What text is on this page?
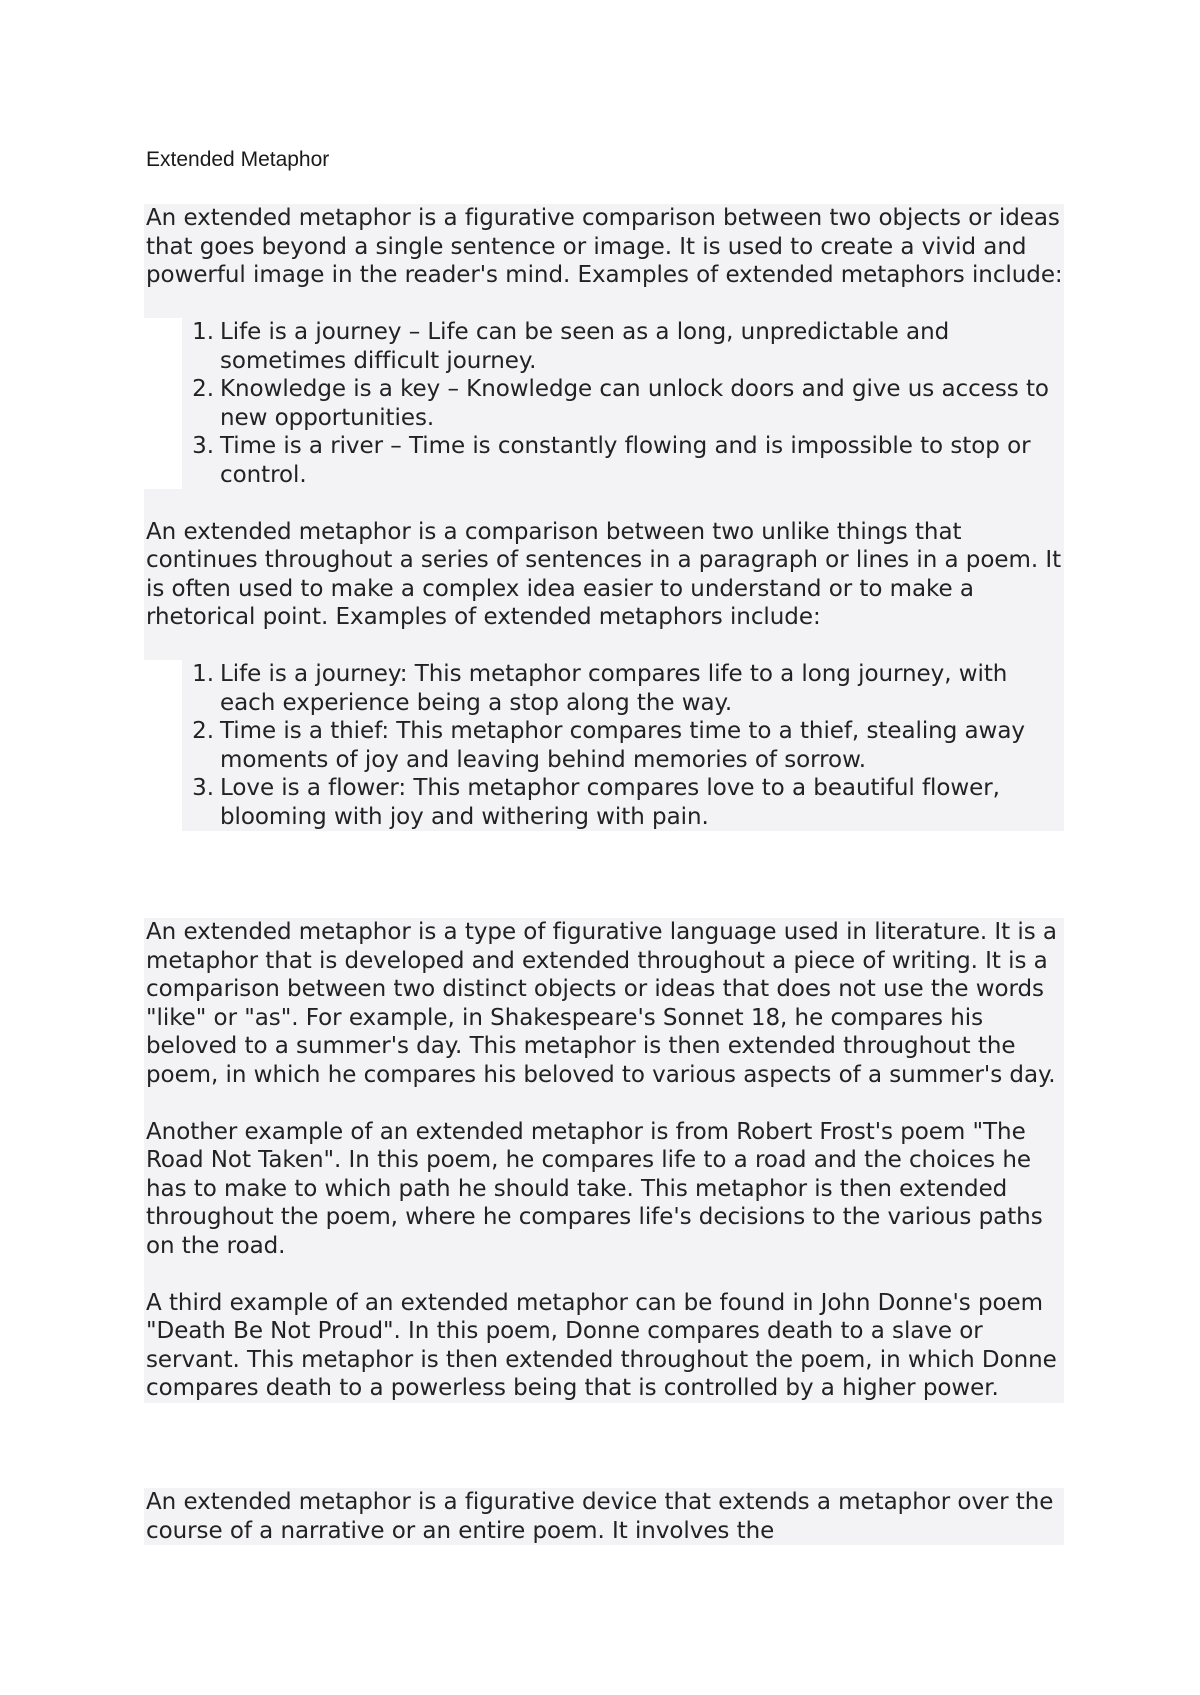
Extended Metaphor

An extended metaphor is a figurative comparison between two objects or ideas that goes beyond a single sentence or image. It is used to create a vivid and powerful image in the reader's mind. Examples of extended metaphors include:

1. Life is a journey – Life can be seen as a long, unpredictable and sometimes difficult journey.
2. Knowledge is a key – Knowledge can unlock doors and give us access to new opportunities.
3. Time is a river – Time is constantly flowing and is impossible to stop or control.

An extended metaphor is a comparison between two unlike things that continues throughout a series of sentences in a paragraph or lines in a poem. It is often used to make a complex idea easier to understand or to make a rhetorical point. Examples of extended metaphors include:

1. Life is a journey: This metaphor compares life to a long journey, with each experience being a stop along the way.
2. Time is a thief: This metaphor compares time to a thief, stealing away moments of joy and leaving behind memories of sorrow.
3. Love is a flower: This metaphor compares love to a beautiful flower, blooming with joy and withering with pain.

An extended metaphor is a type of figurative language used in literature. It is a metaphor that is developed and extended throughout a piece of writing. It is a comparison between two distinct objects or ideas that does not use the words "like" or "as". For example, in Shakespeare's Sonnet 18, he compares his beloved to a summer's day. This metaphor is then extended throughout the poem, in which he compares his beloved to various aspects of a summer's day.

Another example of an extended metaphor is from Robert Frost's poem "The Road Not Taken". In this poem, he compares life to a road and the choices he has to make to which path he should take. This metaphor is then extended throughout the poem, where he compares life's decisions to the various paths on the road.

A third example of an extended metaphor can be found in John Donne's poem "Death Be Not Proud". In this poem, Donne compares death to a slave or servant. This metaphor is then extended throughout the poem, in which Donne compares death to a powerless being that is controlled by a higher power.

An extended metaphor is a figurative device that extends a metaphor over the course of a narrative or an entire poem. It involves the
